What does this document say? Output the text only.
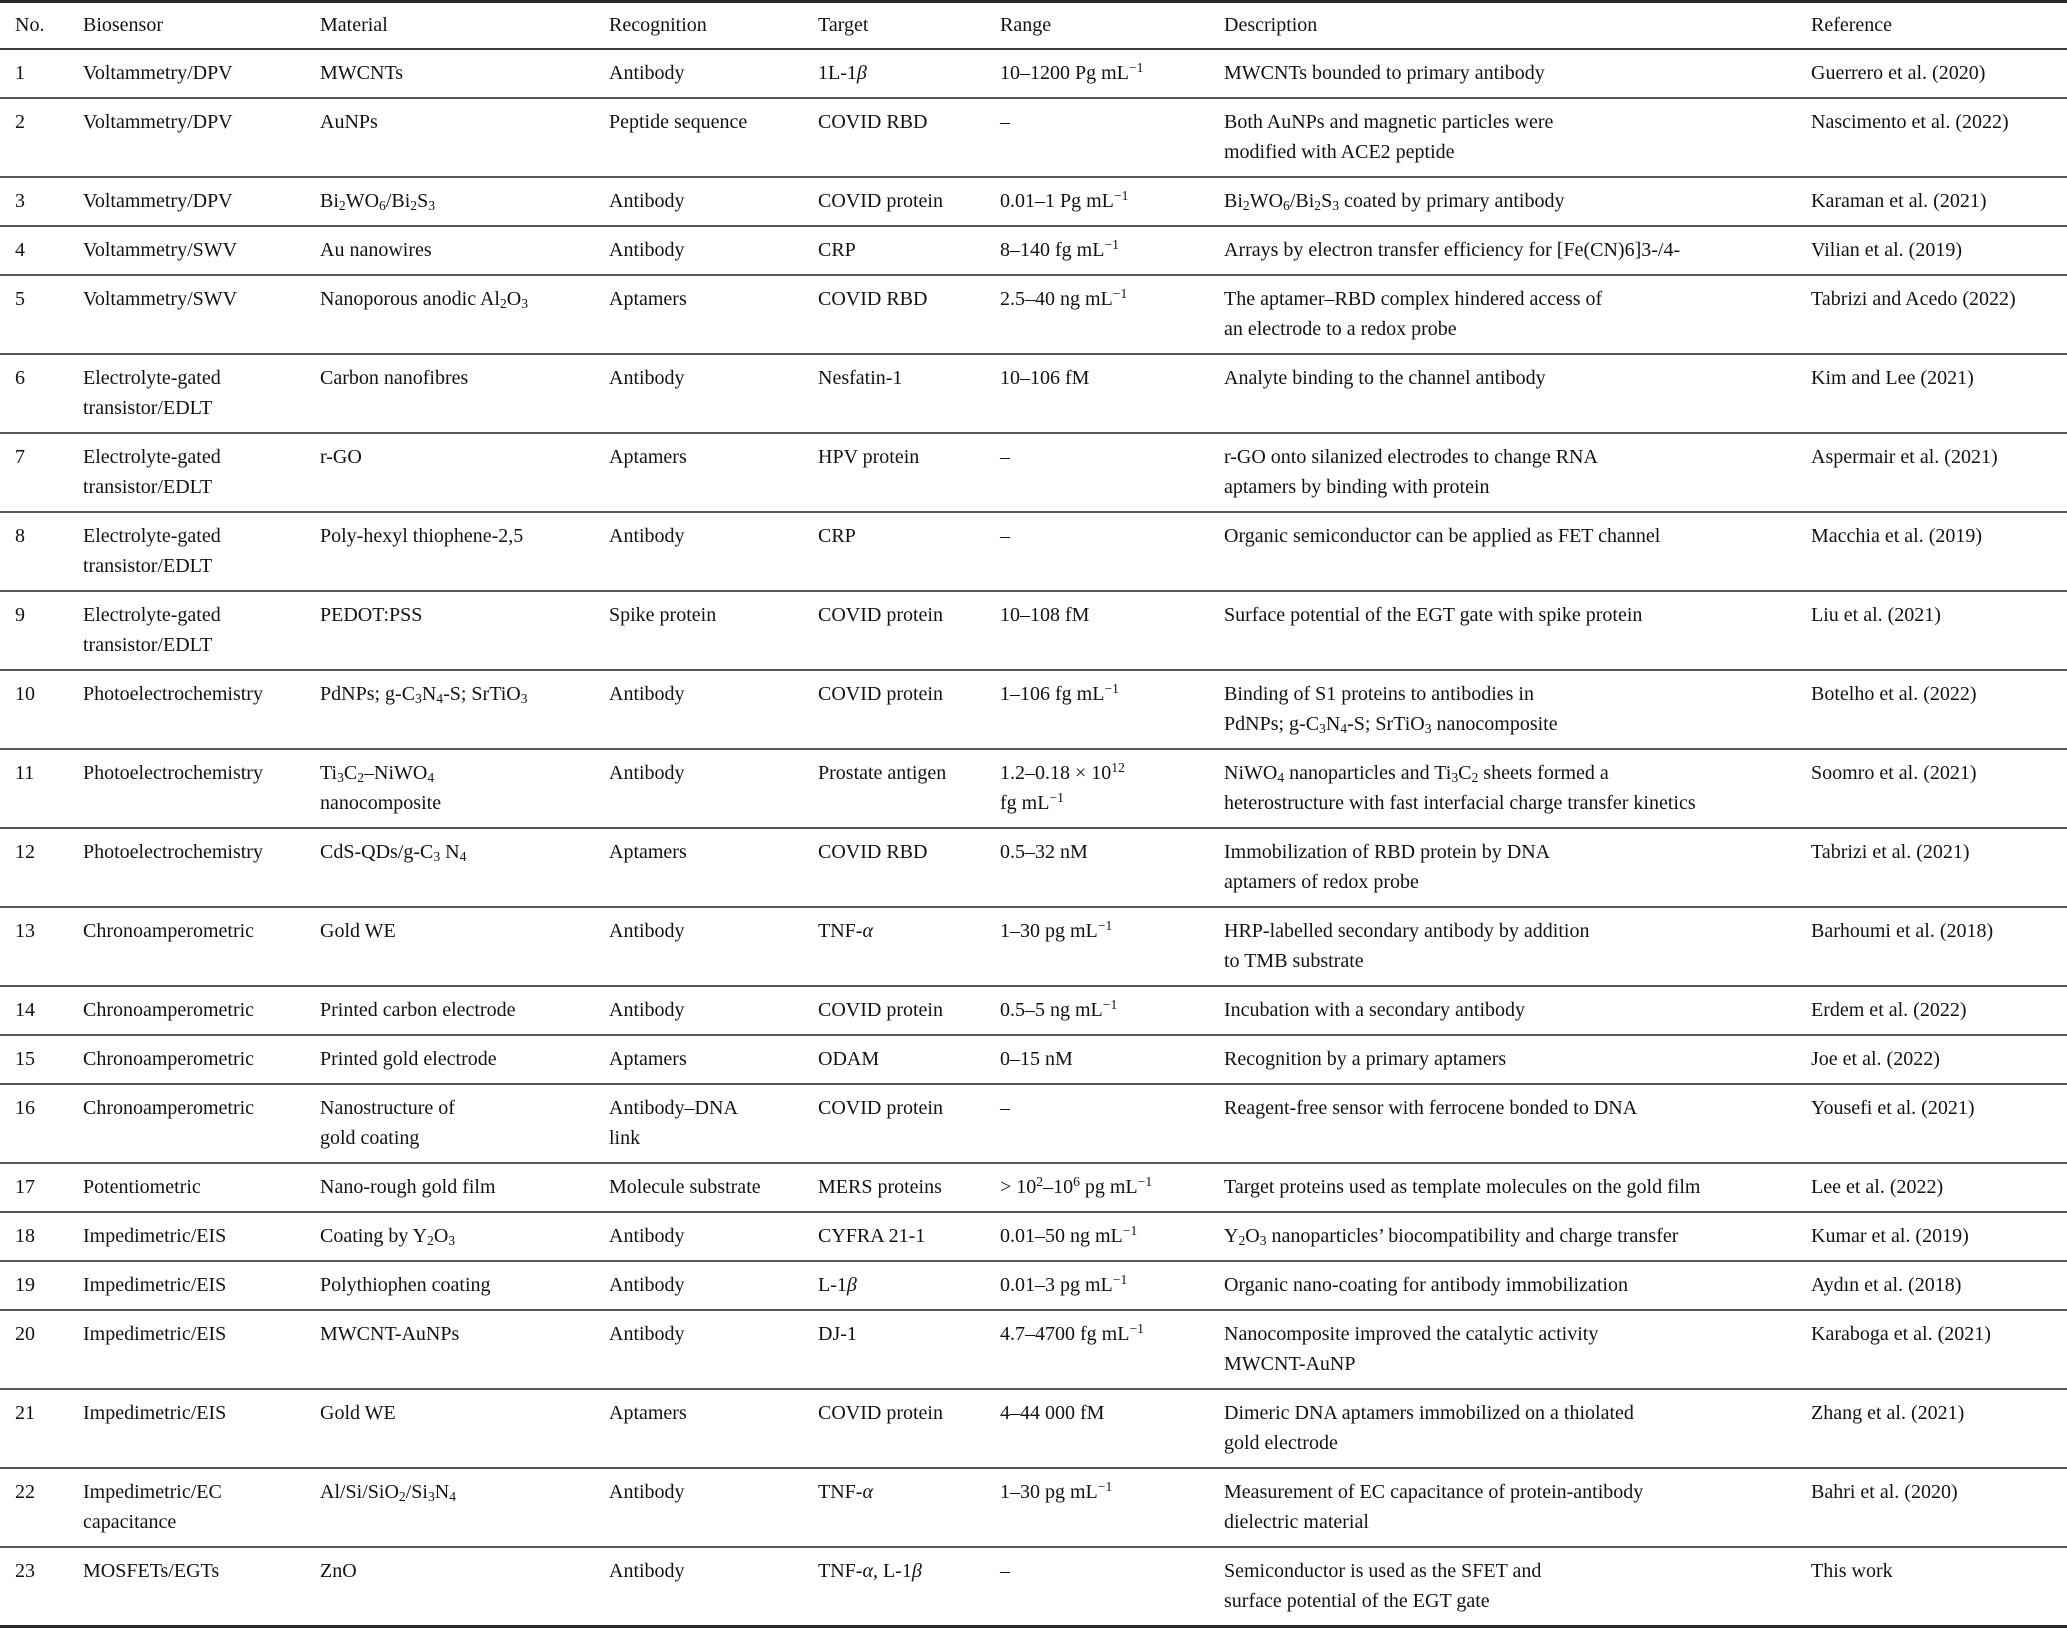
No.	Biosensor	Material	Recognition	Target	Range	Description	Reference
1	Voltammetry/DPV	MWCNTs	Antibody	1L-1β	10–1200 Pg $mL^{-1}$	MWCNTs bounded to primary antibody	Guerrero et al. (2020)
2	Voltammetry/DPV	AuNPs	Peptide sequence	COVID RBD	–	Both AuNPs and magnetic particles were
modified with ACE2 peptide	Nascimento et al. (2022)
3	Voltammetry/DPV	$Bi_2WO_6/Bi_2S_3$	Antibody	COVID protein	0.01–1 Pg $mL^{-1}$	$Bi_2WO_6/Bi_2S_3$ coated by primary antibody	Karaman et al. (2021)
4	Voltammetry/SWV	Au nanowires	Antibody	CRP	8–140 fg $mL^{-1}$	Arrays by electron transfer efficiency for [Fe(CN)6]3-/4-	Vilian et al. (2019)
5	Voltammetry/SWV	Nanoporous anodic $Al_2O_3$	Aptamers	COVID RBD	2.5–40 ng $mL^{-1}$	The aptamer–RBD complex hindered access of
an electrode to a redox probe	Tabrizi and Acedo (2022)
6	Electrolyte-gated
transistor/EDLT	Carbon nanofibres	Antibody	Nesfatin-1	10–106 fM	Analyte binding to the channel antibody	Kim and Lee (2021)
7	Electrolyte-gated
transistor/EDLT	r-GO	Aptamers	HPV protein	–	r-GO onto silanized electrodes to change RNA
aptamers by binding with protein	Aspermair et al. (2021)
8	Electrolyte-gated
transistor/EDLT	Poly-hexyl thiophene-2,5	Antibody	CRP	–	Organic semiconductor can be applied as FET channel	Macchia et al. (2019)
9	Electrolyte-gated
transistor/EDLT	PEDOT:PSS	Spike protein	COVID protein	10–108 fM	Surface potential of the EGT gate with spike protein	Liu et al. (2021)
10	Photoelectrochemistry	PdNPs; $g-C_3N_4-S$; SrTiO$_3$	Antibody	COVID protein	1–106 fg $mL^{-1}$	Binding of S1 proteins to antibodies in
PdNPs; $g-C_3N_4-S$; SrTiO$_3$ nanocomposite	Botelho et al. (2022)
11	Photoelectrochemistry	$Ti_3C_2-NiWO_4$
nanocomposite	Antibody	Prostate antigen	$1.2-0.18 \times 10^{12}$
fg $mL^{-1}$	NiWO$_4$ nanoparticles and $Ti_3C_2$ sheets formed a
heterostructure with fast interfacial charge transfer kinetics	Soomro et al. (2021)
12	Photoelectrochemistry	CdS-$QDs/g-C_3$ $N_4$	Aptamers	COVID RBD	0.5–32 nM	Immobilization of RBD protein by DNA
aptamers of redox probe	Tabrizi et al. (2021)
13	Chronoamperometric	Gold WE	Antibody	TNF-α	1–30 pg $mL^{-1}$	HRP-labelled secondary antibody by addition
to TMB substrate	Barhoumi et al. (2018)
14	Chronoamperometric	Printed carbon electrode	Antibody	COVID protein	0.5–5 ng $mL^{-1}$	Incubation with a secondary antibody	Erdem et al. (2022)
15	Chronoamperometric	Printed gold electrode	Aptamers	ODAM	0–15 nM	Recognition by a primary aptamers	Joe et al. (2022)
16	Chronoamperometric	Nanostructure of
gold coating	Antibody–DNA
link	COVID protein	–	Reagent-free sensor with ferrocene bonded to DNA	Yousefi et al. (2021)
17	Potentiometric	Nano-rough gold film	Molecule substrate	MERS proteins	> $10^2-10^6$ pg $mL^{-1}$	Target proteins used as template molecules on the gold film	Lee et al. (2022)
18	Impedimetric/EIS	Coating by $Y_2O_3$	Antibody	CYFRA 21-1	0.01–50 ng $mL^{-1}$	$Y_2O_3$ nanoparticles’ biocompatibility and charge transfer	Kumar et al. (2019)
19	Impedimetric/EIS	Polythiophen coating	Antibody	L-1β	0.01–3 pg $mL^{-1}$	Organic nano-coating for antibody immobilization	Aydın et al. (2018)
20	Impedimetric/EIS	MWCNT-AuNPs	Antibody	DJ-1	4.7–4700 fg $mL^{-1}$	Nanocomposite improved the catalytic activity
MWCNT-AuNP	Karaboga et al. (2021)
21	Impedimetric/EIS	Gold WE	Aptamers	COVID protein	4–44 000 fM	Dimeric DNA aptamers immobilized on a thiolated
gold electrode	Zhang et al. (2021)
22	Impedimetric/EC
capacitance	$Al/Si/SiO_2/Si_3N_4$	Antibody	TNF-α	1–30 pg $mL^{-1}$	Measurement of EC capacitance of protein-antibody
dielectric material	Bahri et al. (2020)
23	MOSFETs/EGTs	ZnO	Antibody	TNF-α, L-1β	–	Semiconductor is used as the SFET and
surface potential of the EGT gate	This work
